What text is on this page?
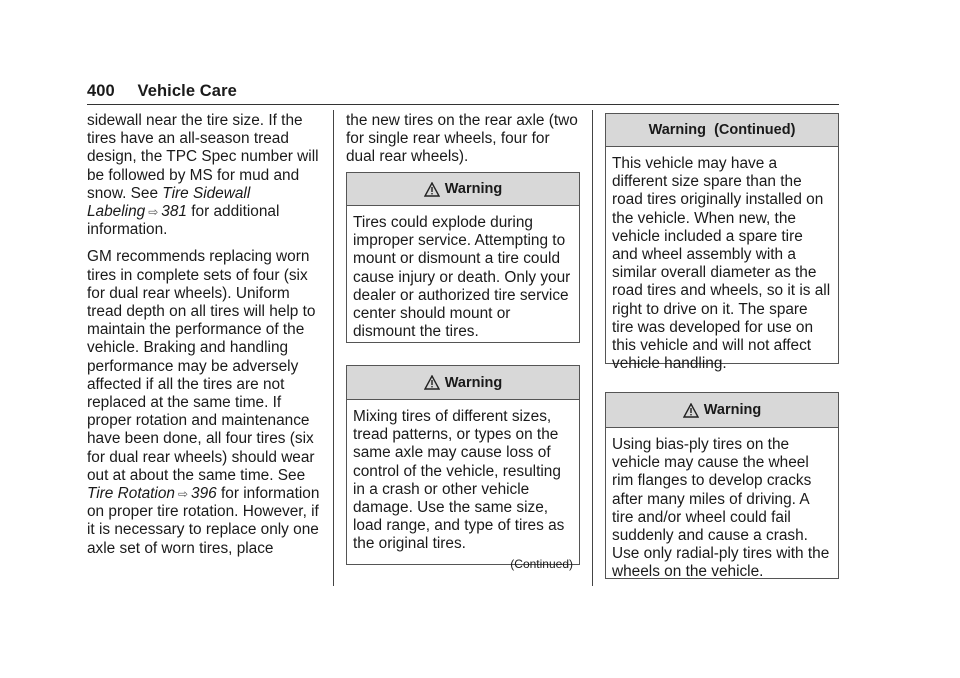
400 Vehicle Care

sidewall near the tire size. If the tires have an all-season tread design, the TPC Spec number will be followed by MS for mud and snow. See Tire Sidewall Labeling ⇨ 381 for additional information.

GM recommends replacing worn tires in complete sets of four (six for dual rear wheels). Uniform tread depth on all tires will help to maintain the performance of the vehicle. Braking and handling performance may be adversely affected if all the tires are not replaced at the same time. If proper rotation and maintenance have been done, all four tires (six for dual rear wheels) should wear out at about the same time. See Tire Rotation ⇨ 396 for information on proper tire rotation. However, if it is necessary to replace only one axle set of worn tires, place

the new tires on the rear axle (two for single rear wheels, four for dual rear wheels).

Warning
Tires could explode during improper service. Attempting to mount or dismount a tire could cause injury or death. Only your dealer or authorized tire service center should mount or dismount the tires.
Warning
Mixing tires of different sizes, tread patterns, or types on the same axle may cause loss of control of the vehicle, resulting in a crash or other vehicle damage. Use the same size, load range, and type of tires as the original tires.
(Continued)
Warning  (Continued)
This vehicle may have a different size spare than the road tires originally installed on the vehicle. When new, the vehicle included a spare tire and wheel assembly with a similar overall diameter as the road tires and wheels, so it is all right to drive on it. The spare tire was developed for use on this vehicle and will not affect vehicle handling.
Warning
Using bias-ply tires on the vehicle may cause the wheel rim flanges to develop cracks after many miles of driving. A tire and/or wheel could fail suddenly and cause a crash. Use only radial-ply tires with the wheels on the vehicle.
